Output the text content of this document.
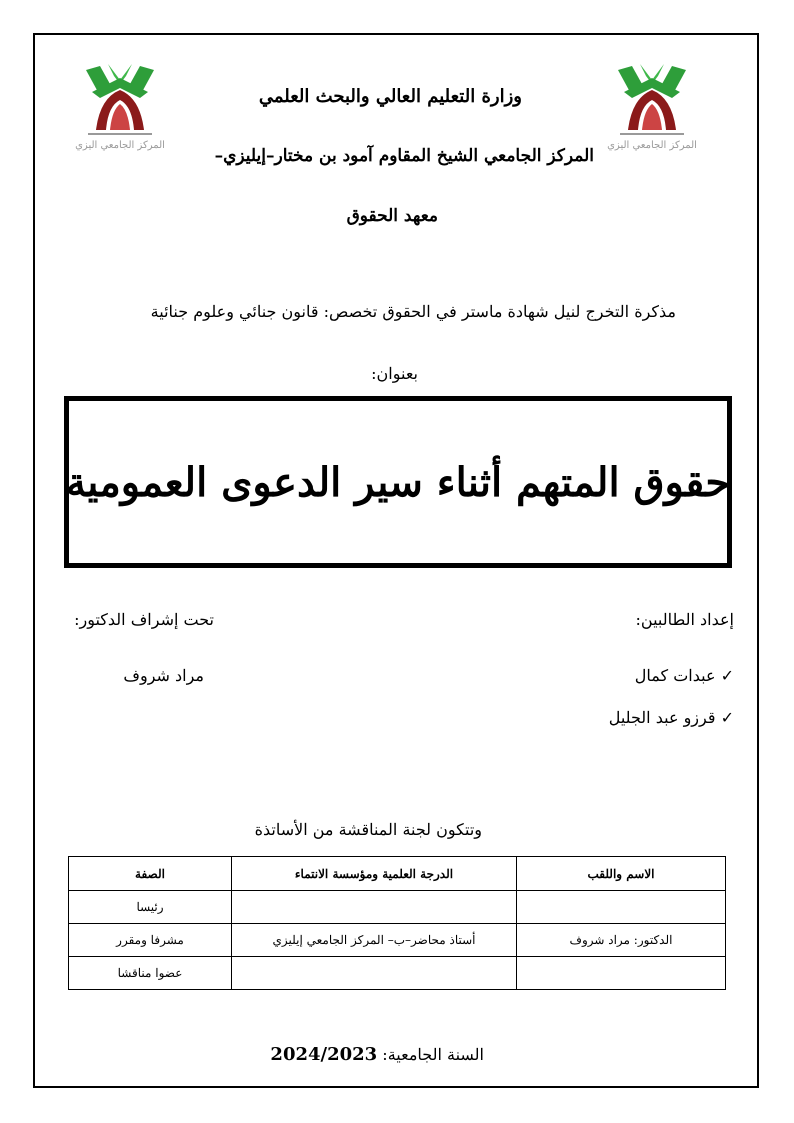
المركز الجامعي اليزي	المركز الجامعي اليزي
وزارة التعليم العالي والبحث العلمي
المركز الجامعي الشيخ المقاوم آمود بن مختار–إيليزي–
معهد الحقوق
مذكرة التخرج لنيل شهادة ماستر في الحقوق تخصص: قانون جنائي وعلوم جنائية
بعنوان:
حقوق المتهم أثناء سير الدعوى العمومية
إعداد الطالبين:
✓ عبدات كمال
✓ قرزو عبد الجليل
تحت إشراف الدكتور:
مراد شروف
وتتكون لجنة المناقشة من الأساتذة
الاسم واللقب	الدرجة العلمية ومؤسسة الانتماء	الصفة
		رئيسا
الدكتور: مراد شروف	أستاذ محاضر–ب– المركز الجامعي إيليزي	مشرفا ومقرر
		عضوا مناقشا
السنة الجامعية: 2024/2023
